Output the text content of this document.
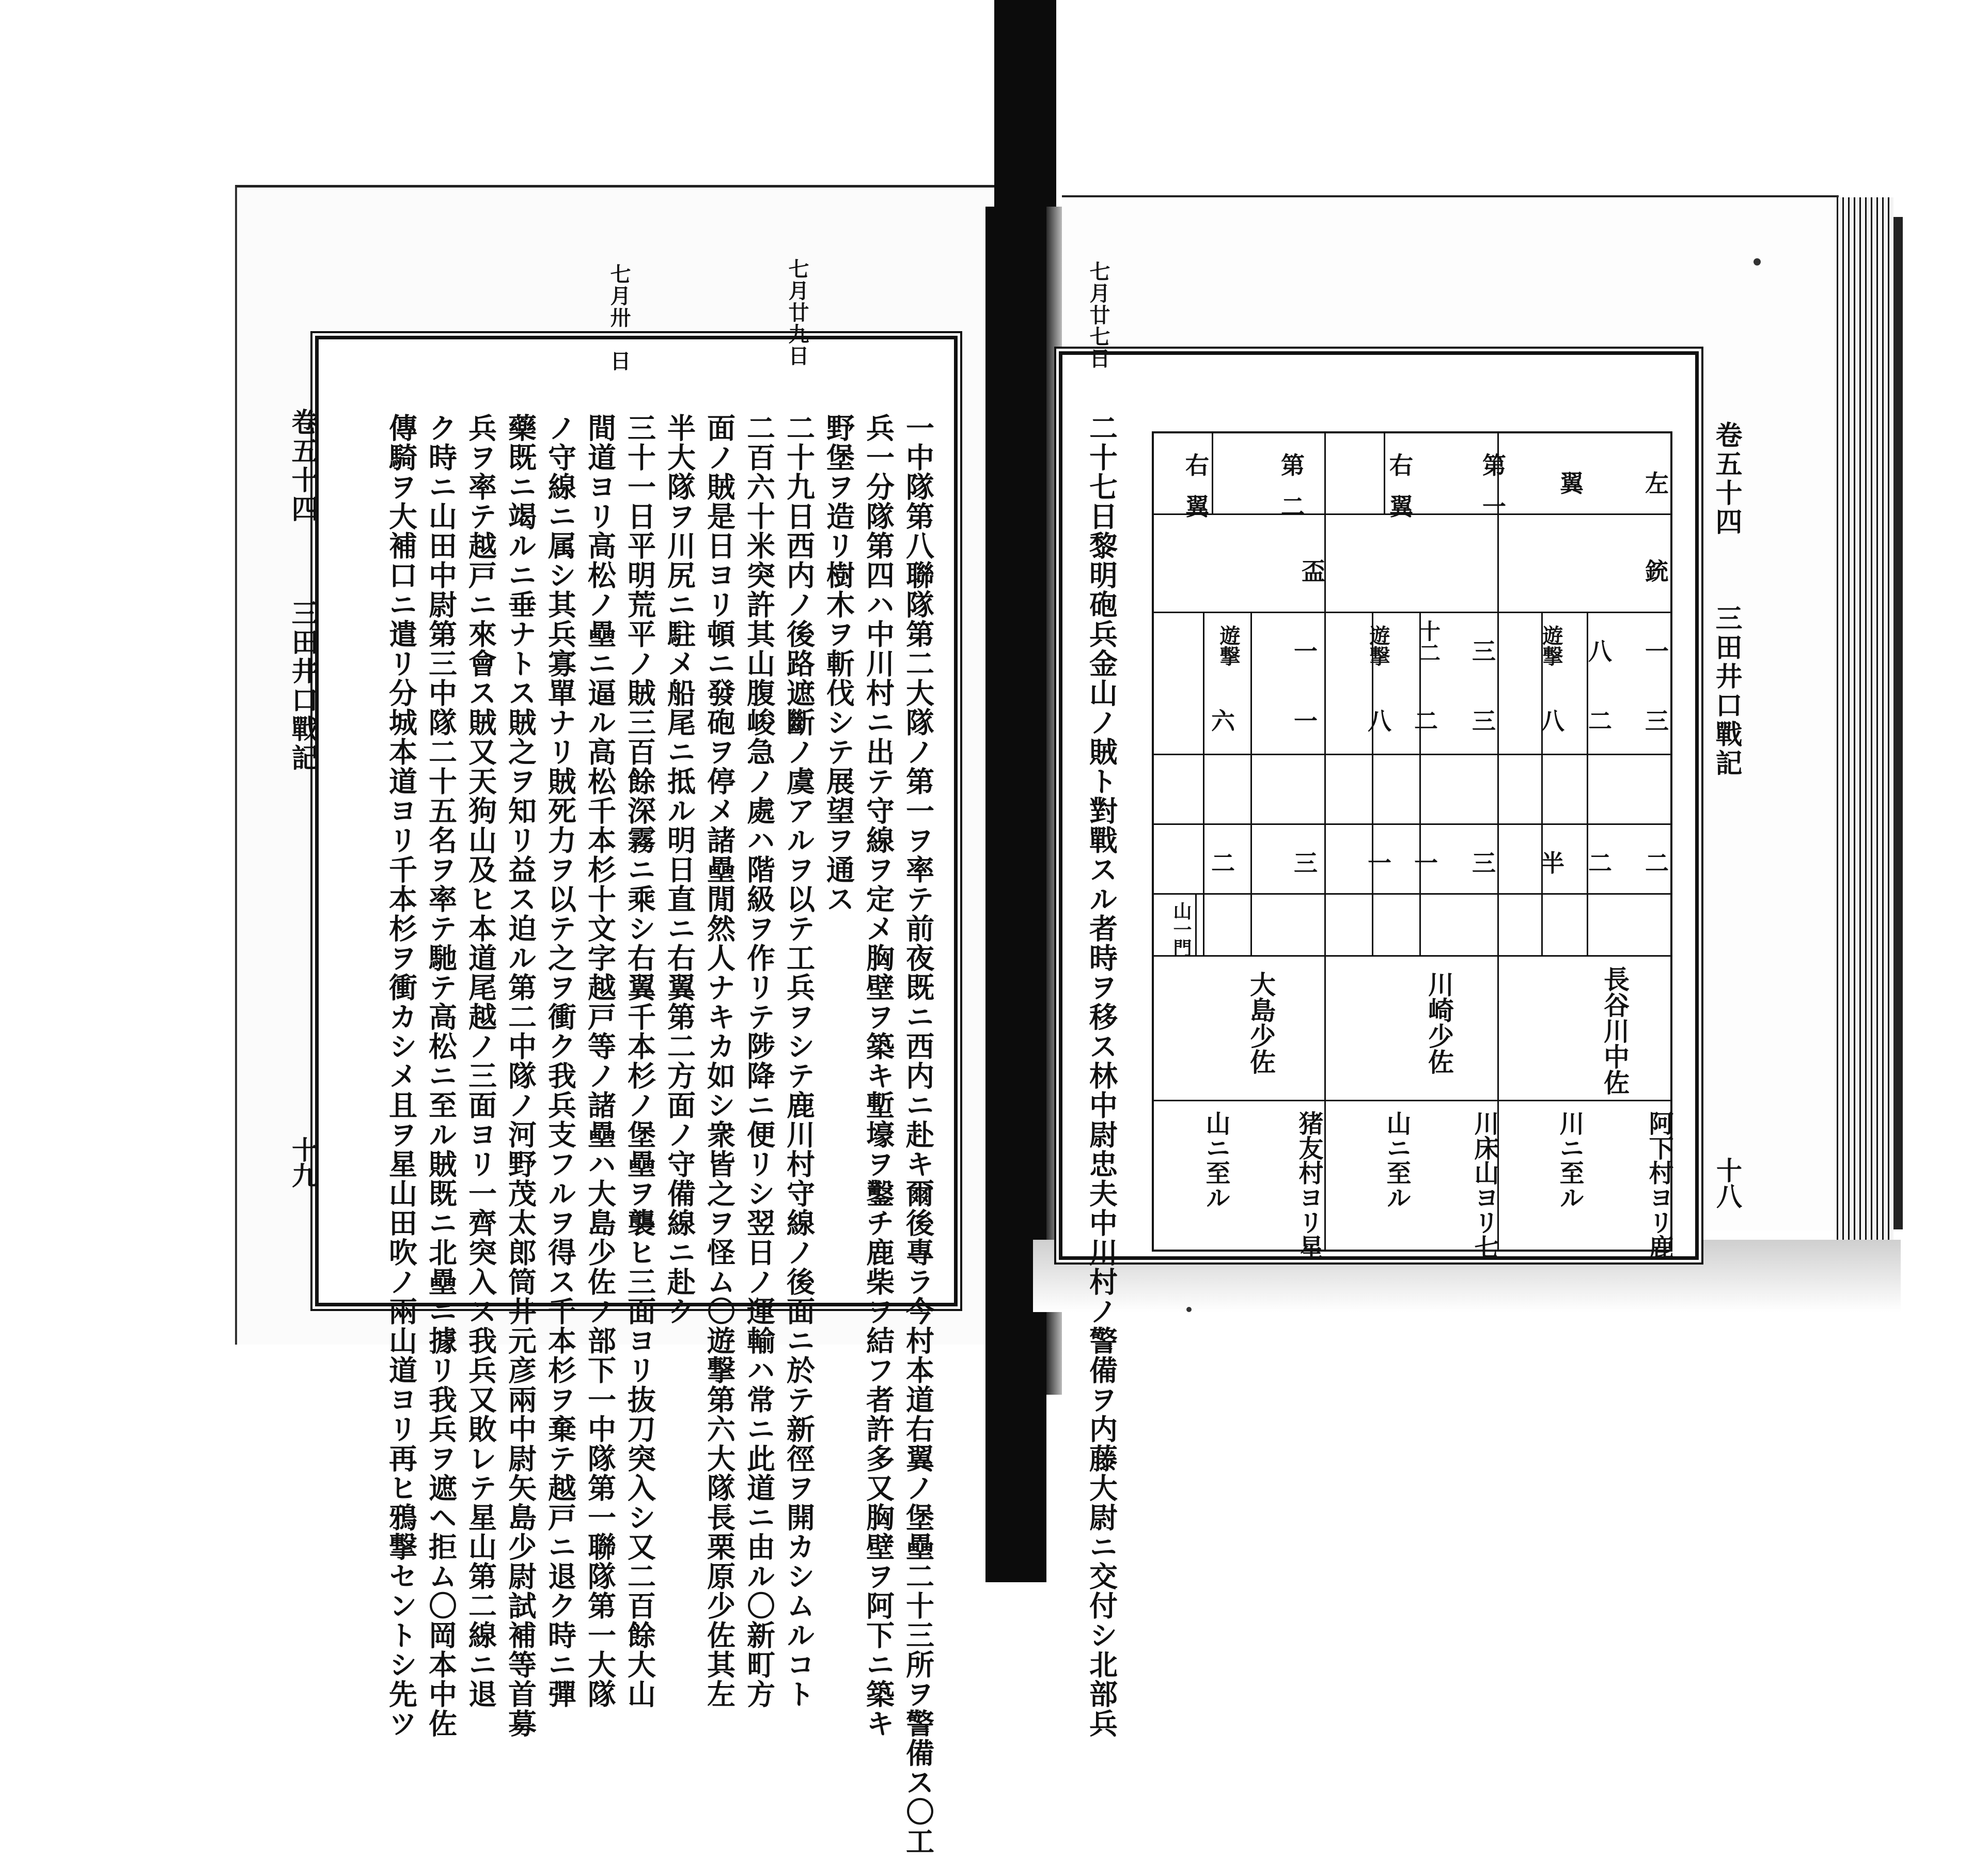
卷五十四
三田井口戰記
十九
七月廿九日
七月卅一日
一中隊第八聯隊第二大隊ノ第一ヲ率テ前夜既ニ西内ニ赴キ爾後專ラ今村本道右翼ノ堡壘二十三所ヲ警備ス〇工
兵一分隊第四ハ中川村ニ出テ守線ヲ定メ胸壁ヲ築キ塹壕ヲ鑿チ鹿柴ヲ結フ者許多又胸壁ヲ阿下ニ築キ
野堡ヲ造リ樹木ヲ斬伐シテ展望ヲ通ス
二十九日西内ノ後路遮斷ノ虞アルヲ以テ工兵ヲシテ鹿川村守線ノ後面ニ於テ新徑ヲ開カシムルコト
二百六十米突許其山腹峻急ノ處ハ階級ヲ作リテ陟降ニ便リシ翌日ノ運輸ハ常ニ此道ニ由ル〇新町方
面ノ賊是日ヨリ頓ニ發砲ヲ停メ諸壘閒然人ナキカ如シ衆皆之ヲ怪ム〇遊撃第六大隊長栗原少佐其左
半大隊ヲ川尻ニ駐メ船尾ニ抵ル明日直ニ右翼第二方面ノ守備線ニ赴ク
三十一日平明荒平ノ賊三百餘深霧ニ乘シ右翼千本杉ノ堡壘ヲ襲ヒ三面ヨリ抜刀突入シ又二百餘大山
間道ヨリ高松ノ壘ニ逼ル高松千本杉十文字越戸等ノ諸壘ハ大島少佐ノ部下一中隊第一聯隊第一大隊
ノ守線ニ属シ其兵寡單ナリ賊死力ヲ以テ之ヲ衝ク我兵支フルヲ得ス千本杉ヲ棄テ越戸ニ退ク時ニ彈
藥既ニ竭ルニ垂ナトス賊之ヲ知リ益ス迫ル第二中隊ノ河野茂太郎筒井元彦兩中尉矢島少尉試補等首募
兵ヲ率テ越戸ニ來會ス賊又天狗山及ヒ本道尾越ノ三面ヨリ一齊突入ス我兵又敗レテ星山第二線ニ退
ク時ニ山田中尉第三中隊二十五名ヲ率テ馳テ高松ニ至ル賊既ニ北壘ニ據リ我兵ヲ遮ヘ拒ム〇岡本中佐
傳騎ヲ大補口ニ遣リ分城本道ヨリ千本杉ヲ衝カシメ且ヲ星山田吹ノ兩山道ヨリ再ヒ鴉撃セントシ先ツ	卷五十四
三田井口戰記
十八
七月廿七日
二十七日黎明砲兵金山ノ賊ト對戰スル者時ヲ移ス林中尉忠夫中川村ノ警備ヲ内藤大尉ニ交付シ北部兵	左
翼
第
一
右
翼
第
二
右
翼
銃
盃
一
八
遊撃
三
十二
遊撃
一
遊撃
三
二
八
三
二
八
一
六
二
二
半
三
一
一
三
二
山一門
長谷川中佐
川崎少佐
大島少佐
阿下村ヨリ鹿
川ニ至ル
川床山ヨリ七
山ニ至ル
猪友村ヨリ星
山ニ至ル
